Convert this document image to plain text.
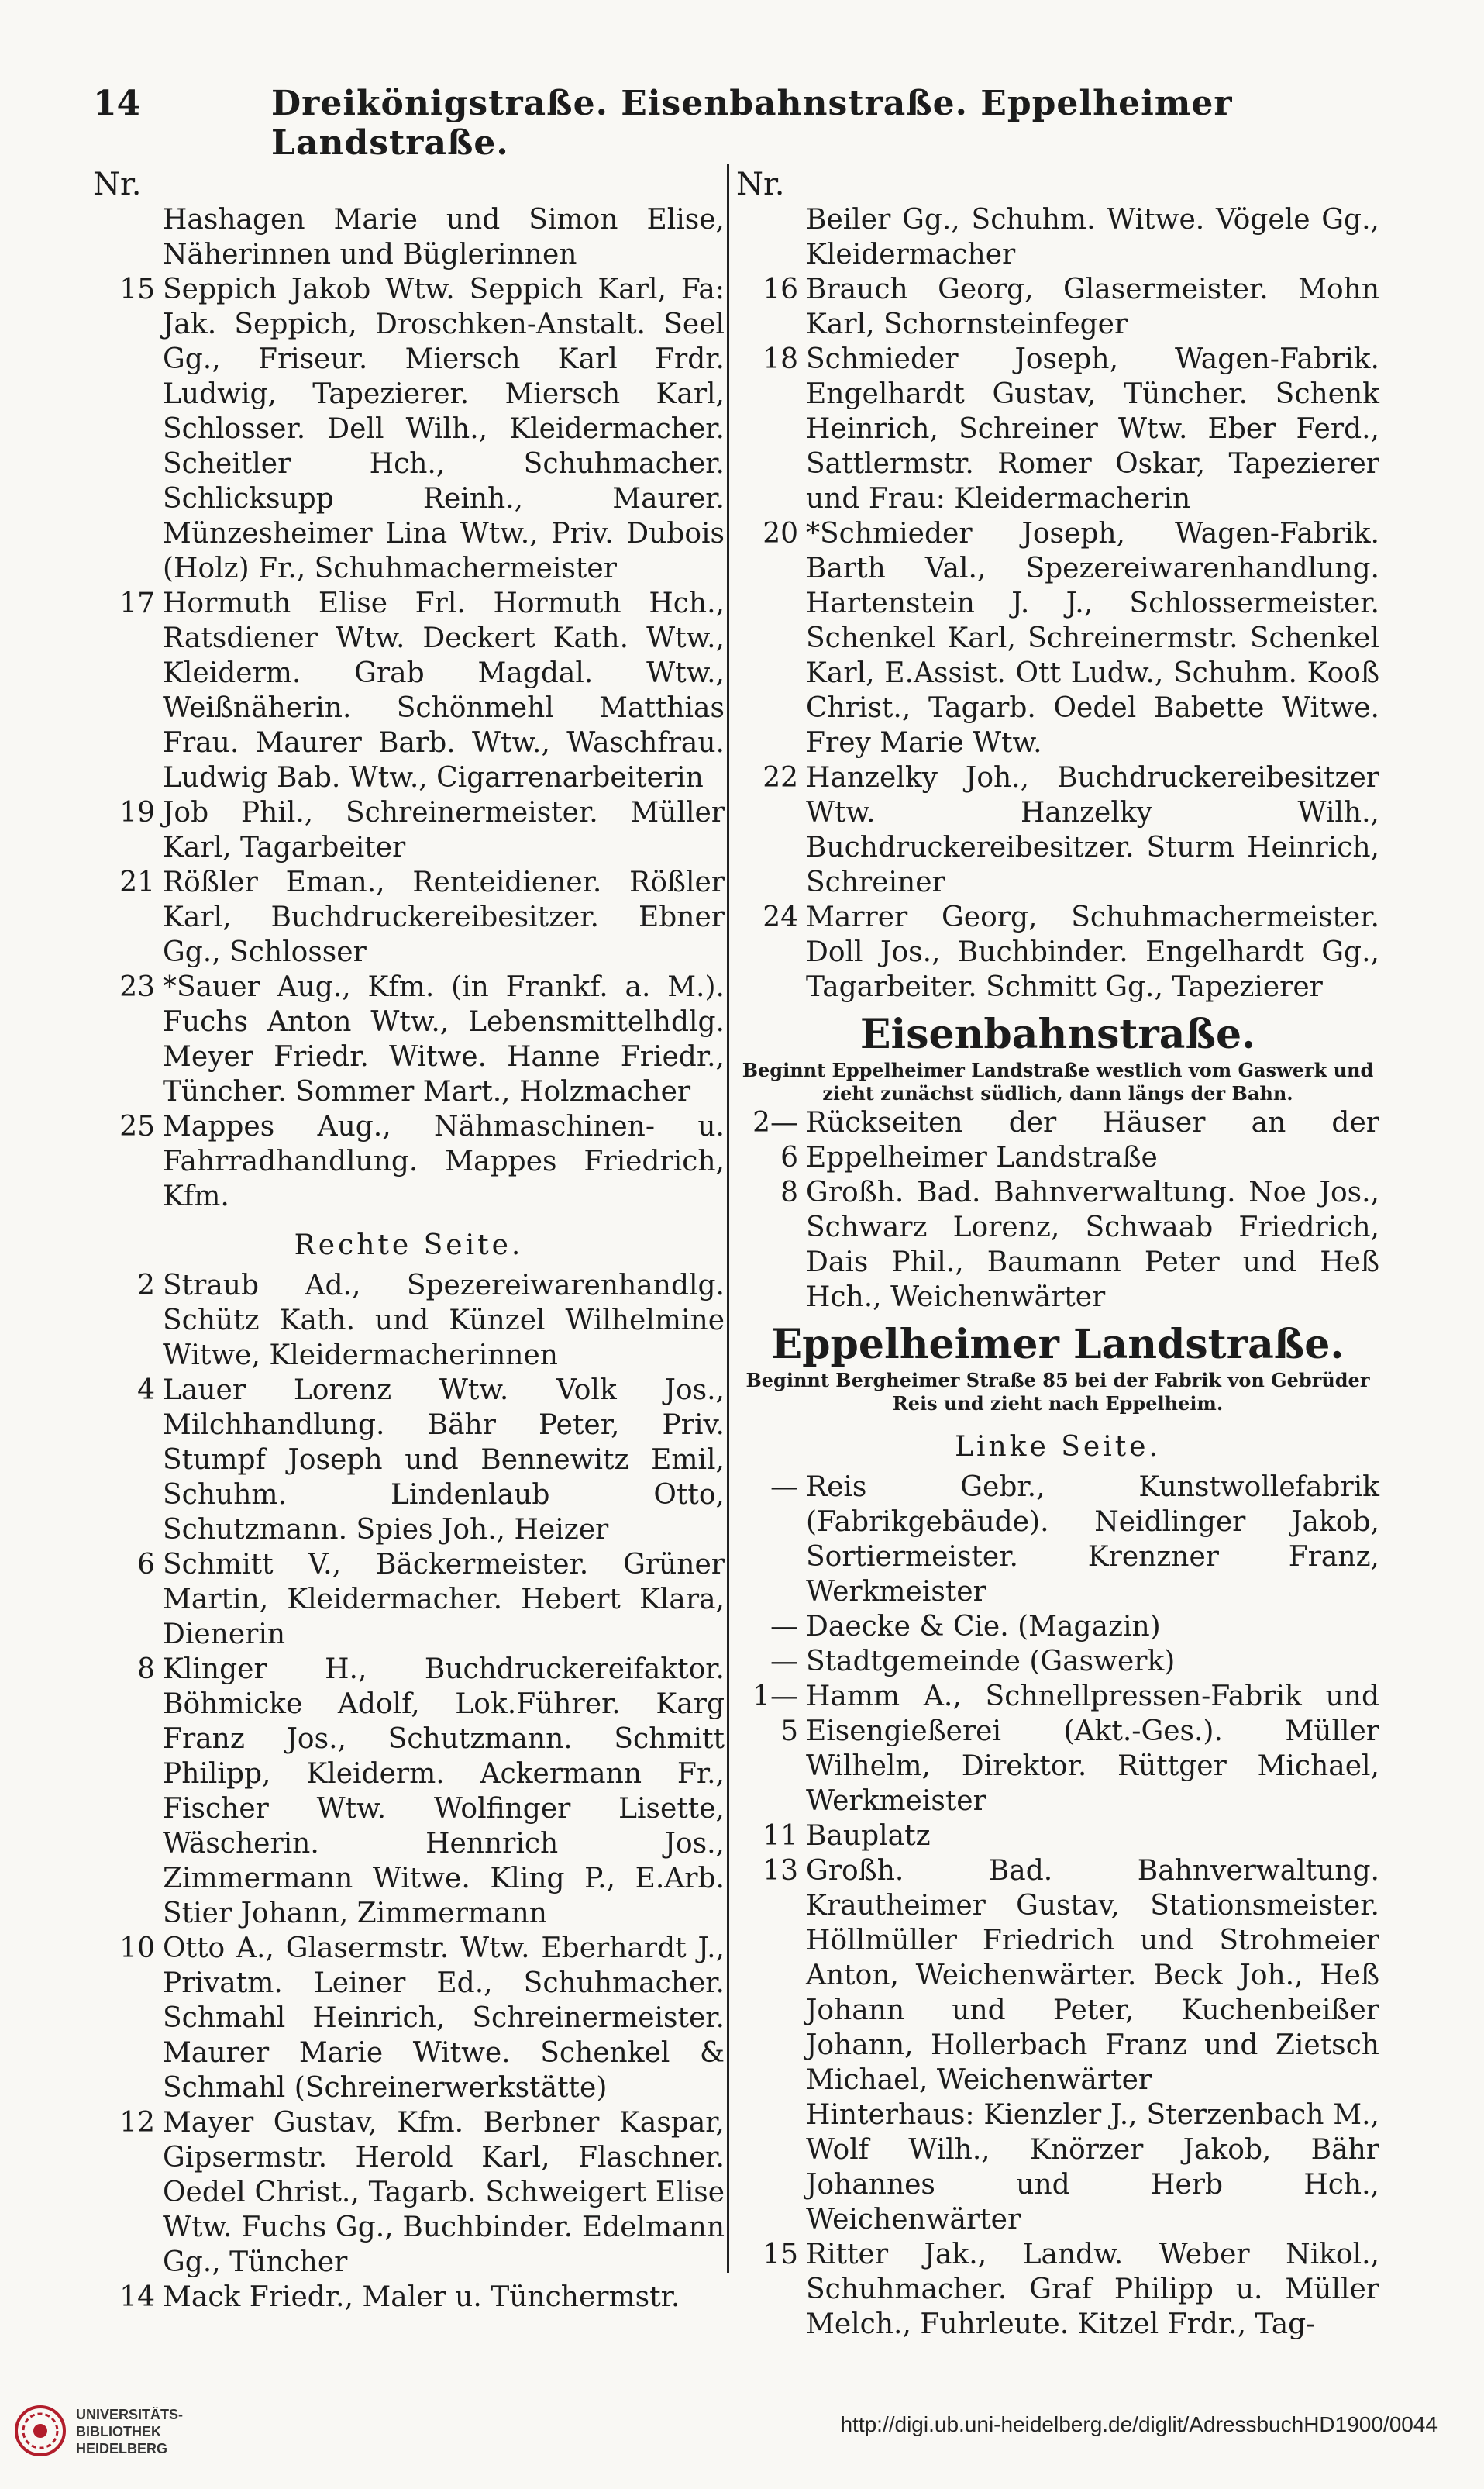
14	Dreikönigstraße. Eisenbahnstraße. Eppelheimer Landstraße.
Nr.
Hashagen Marie und Simon Elise, Näherinnen und Büglerinnen
15 Seppich Jakob Wtw. Seppich Karl, Fa: Jak. Seppich, Droschken-Anstalt. Seel Gg., Friseur. Miersch Karl Frdr. Ludwig, Tapezierer. Miersch Karl, Schlosser. Dell Wilh., Kleidermacher. Scheitler Hch., Schuhmacher. Schlicksupp Reinh., Maurer. Münzesheimer Lina Wtw., Priv. Dubois (Holz) Fr., Schuhmachermeister
17 Hormuth Elise Frl. Hormuth Hch., Ratsdiener Wtw. Deckert Kath. Wtw., Kleiderm. Grab Magdal. Wtw., Weißnäherin. Schönmehl Matthias Frau. Maurer Barb. Wtw., Waschfrau. Ludwig Bab. Wtw., Cigarrenarbeiterin
19 Job Phil., Schreinermeister. Müller Karl, Tagarbeiter
21 Rößler Eman., Renteidiener. Rößler Karl, Buchdruckereibesitzer. Ebner Gg., Schlosser
23 *Sauer Aug., Kfm. (in Frankf. a. M.). Fuchs Anton Wtw., Lebensmittelhdlg. Meyer Friedr. Witwe. Hanne Friedr., Tüncher. Sommer Mart., Holzmacher
25 Mappes Aug., Nähmaschinen- u. Fahrradhandlung. Mappes Friedrich, Kfm.
Rechte Seite.
2 Straub Ad., Spezereiwarenhandlg. Schütz Kath. und Künzel Wilhelmine Witwe, Kleidermacherinnen
4 Lauer Lorenz Wtw. Volk Jos., Milchhandlung. Bähr Peter, Priv. Stumpf Joseph und Bennewitz Emil, Schuhm. Lindenlaub Otto, Schutzmann. Spies Joh., Heizer
6 Schmitt V., Bäckermeister. Grüner Martin, Kleidermacher. Hebert Klara, Dienerin
8 Klinger H., Buchdruckereifaktor. Böhmicke Adolf, Lok.Führer. Karg Franz Jos., Schutzmann. Schmitt Philipp, Kleiderm. Ackermann Fr., Fischer Wtw. Wolfinger Lisette, Wäscherin. Hennrich Jos., Zimmermann Witwe. Kling P., E.Arb. Stier Johann, Zimmermann
10 Otto A., Glasermstr. Wtw. Eberhardt J., Privatm. Leiner Ed., Schuhmacher. Schmahl Heinrich, Schreinermeister. Maurer Marie Witwe. Schenkel & Schmahl (Schreinerwerkstätte)
12 Mayer Gustav, Kfm. Berbner Kaspar, Gipsermstr. Herold Karl, Flaschner. Oedel Christ., Tagarb. Schweigert Elise Wtw. Fuchs Gg., Buchbinder. Edelmann Gg., Tüncher
14 Mack Friedr., Maler u. Tünchermstr.
Nr.
Beiler Gg., Schuhm. Witwe. Vögele Gg., Kleidermacher
16 Brauch Georg, Glasermeister. Mohn Karl, Schornsteinfeger
18 Schmieder Joseph, Wagen-Fabrik. Engelhardt Gustav, Tüncher. Schenk Heinrich, Schreiner Wtw. Eber Ferd., Sattlermstr. Romer Oskar, Tapezierer und Frau: Kleidermacherin
20 *Schmieder Joseph, Wagen-Fabrik. Barth Val., Spezereiwarenhandlung. Hartenstein J. J., Schlossermeister. Schenkel Karl, Schreinermstr. Schenkel Karl, E.Assist. Ott Ludw., Schuhm. Kooß Christ., Tagarb. Oedel Babette Witwe. Frey Marie Wtw.
22 Hanzelky Joh., Buchdruckereibesitzer Wtw. Hanzelky Wilh., Buchdruckereibesitzer. Sturm Heinrich, Schreiner
24 Marrer Georg, Schuhmachermeister. Doll Jos., Buchbinder. Engelhardt Gg., Tagarbeiter. Schmitt Gg., Tapezierer
Eisenbahnstraße.
Beginnt Eppelheimer Landstraße westlich vom Gaswerk und zieht zunächst südlich, dann längs der Bahn.
2—6
Rückseiten der Häuser an der Eppelheimer Landstraße
8 Großh. Bad. Bahnverwaltung. Noe Jos., Schwarz Lorenz, Schwaab Friedrich, Dais Phil., Baumann Peter und Heß Hch., Weichenwärter
Eppelheimer Landstraße.
Beginnt Bergheimer Straße 85 bei der Fabrik von Gebrüder Reis und zieht nach Eppelheim.
Linke Seite.
— Reis Gebr., Kunstwollefabrik (Fabrikgebäude). Neidlinger Jakob, Sortiermeister. Krenzner Franz, Werkmeister
— Daecke & Cie. (Magazin)
— Stadtgemeinde (Gaswerk)
1—5
Hamm A., Schnellpressen-Fabrik und Eisengießerei (Akt.-Ges.). Müller Wilhelm, Direktor. Rüttger Michael, Werkmeister
11 Bauplatz
13 Großh. Bad. Bahnverwaltung. Krautheimer Gustav, Stationsmeister. Höllmüller Friedrich und Strohmeier Anton, Weichenwärter. Beck Joh., Heß Johann und Peter, Kuchenbeißer Johann, Hollerbach Franz und Zietsch Michael, Weichenwärter
Hinterhaus: Kienzler J., Sterzenbach M., Wolf Wilh., Knörzer Jakob, Bähr Johannes und Herb Hch., Weichenwärter
15 Ritter Jak., Landw. Weber Nikol., Schuhmacher. Graf Philipp u. Müller Melch., Fuhrleute. Kitzel Frdr., Tag-
UNIVERSITÄTS-
BIBLIOTHEK
HEIDELBERG
http://digi.ub.uni-heidelberg.de/diglit/AdressbuchHD1900/0044
